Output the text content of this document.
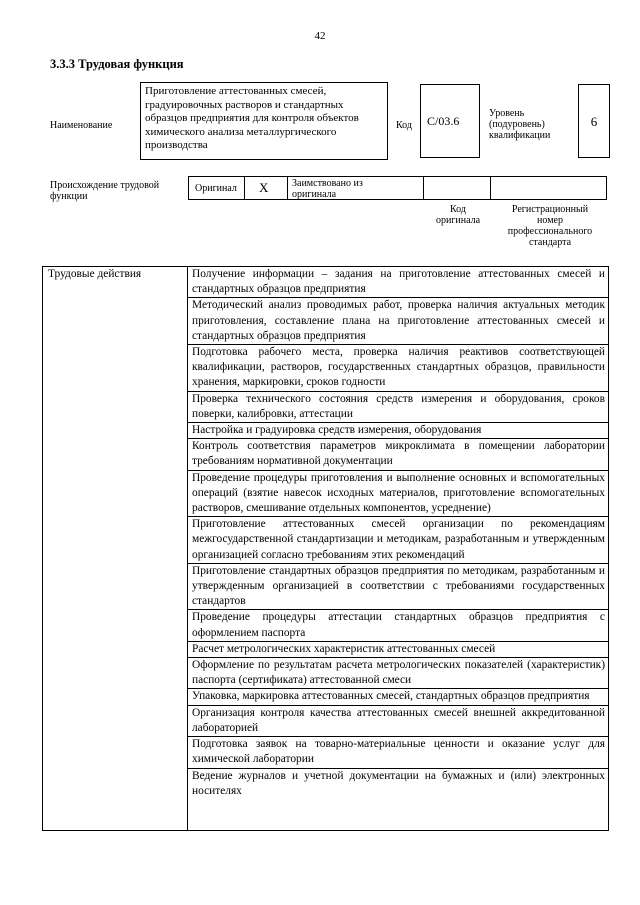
42
3.3.3 Трудовая функция
Наименование
Приготовление аттестованных смесей, градуировочных растворов и стандартных образцов предприятия для контроля объектов химического анализа металлургического производства
Код	С/03.6
Уровень (подуровень) квалификации
6
Происхождение трудовой функции
Оригинал X Заимствовано из оригинала
Код оригинала
Регистрационный номер профессионального стандарта
Трудовые действия	Получение информации – задания на приготовление аттестованных смесей и стандартных образцов предприятия
Методический анализ проводимых работ, проверка наличия актуальных методик приготовления, составление плана на приготовление аттестованных смесей и стандартных образцов предприятия
Подготовка рабочего места, проверка наличия реактивов соответствующей квалификации, растворов, государственных стандартных образцов, правильности хранения, маркировки, сроков годности
Проверка технического состояния средств измерения и оборудования, сроков поверки, калибровки, аттестации
Настройка и градуировка средств измерения, оборудования
Контроль соответствия параметров микроклимата в помещении лаборатории требованиям нормативной документации
Проведение процедуры приготовления и выполнение основных и вспомогательных операций (взятие навесок исходных материалов, приготовление вспомогательных растворов, смешивание отдельных компонентов, усреднение)
Приготовление аттестованных смесей организации по рекомендациям межгосударственной стандартизации и методикам, разработанным и утвержденным организацией согласно требованиям этих рекомендаций
Приготовление стандартных образцов предприятия по методикам, разработанным и утвержденным организацией в соответствии с требованиями государственных стандартов
Проведение процедуры аттестации стандартных образцов предприятия с оформлением паспорта
Расчет метрологических характеристик аттестованных смесей
Оформление по результатам расчета метрологических показателей (характеристик) паспорта (сертификата) аттестованной смеси
Упаковка, маркировка аттестованных смесей, стандартных образцов предприятия
Организация контроля качества аттестованных смесей внешней аккредитованной лабораторией
Подготовка заявок на товарно-материальные ценности и оказание услуг для химической лаборатории
Ведение журналов и учетной документации на бумажных и (или) электронных носителях
